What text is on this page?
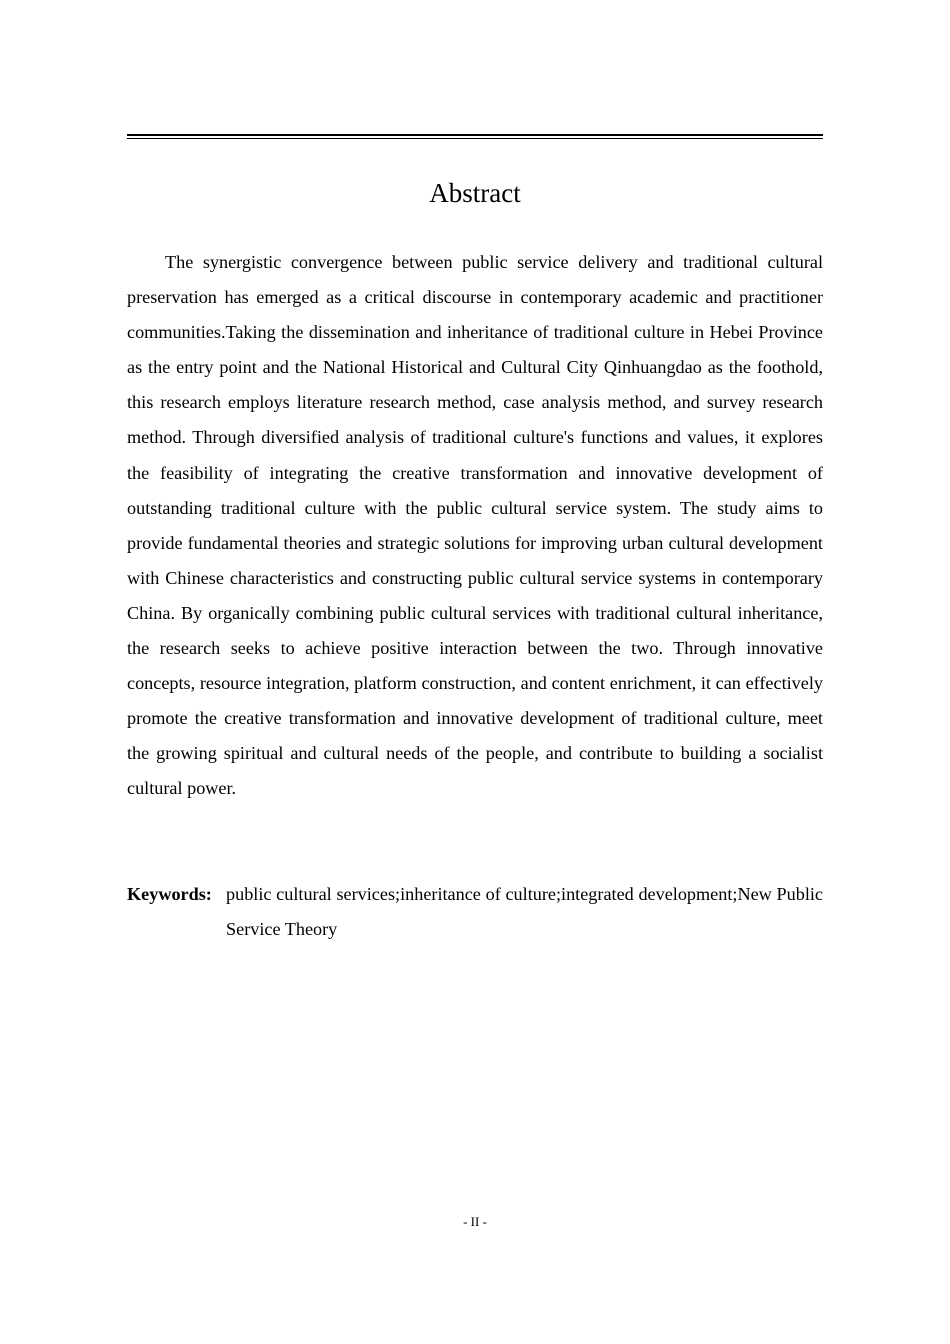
Abstract

The synergistic convergence between public service delivery and traditional cultural preservation has emerged as a critical discourse in contemporary academic and practitioner communities.Taking the dissemination and inheritance of traditional culture in Hebei Province as the entry point and the National Historical and Cultural City Qinhuangdao as the foothold, this research employs literature research method, case analysis method, and survey research method. Through diversified analysis of traditional culture's functions and values, it explores the feasibility of integrating the creative transformation and innovative development of outstanding traditional culture with the public cultural service system. The study aims to provide fundamental theories and strategic solutions for improving urban cultural development with Chinese characteristics and constructing public cultural service systems in contemporary China. By organically combining public cultural services with traditional cultural inheritance, the research seeks to achieve positive interaction between the two. Through innovative concepts, resource integration, platform construction, and content enrichment, it can effectively promote the creative transformation and innovative development of traditional culture, meet the growing spiritual and cultural needs of the people, and contribute to building a socialist cultural power.

Keywords: public cultural services;inheritance of culture;integrated development;New Public Service Theory
- II -
